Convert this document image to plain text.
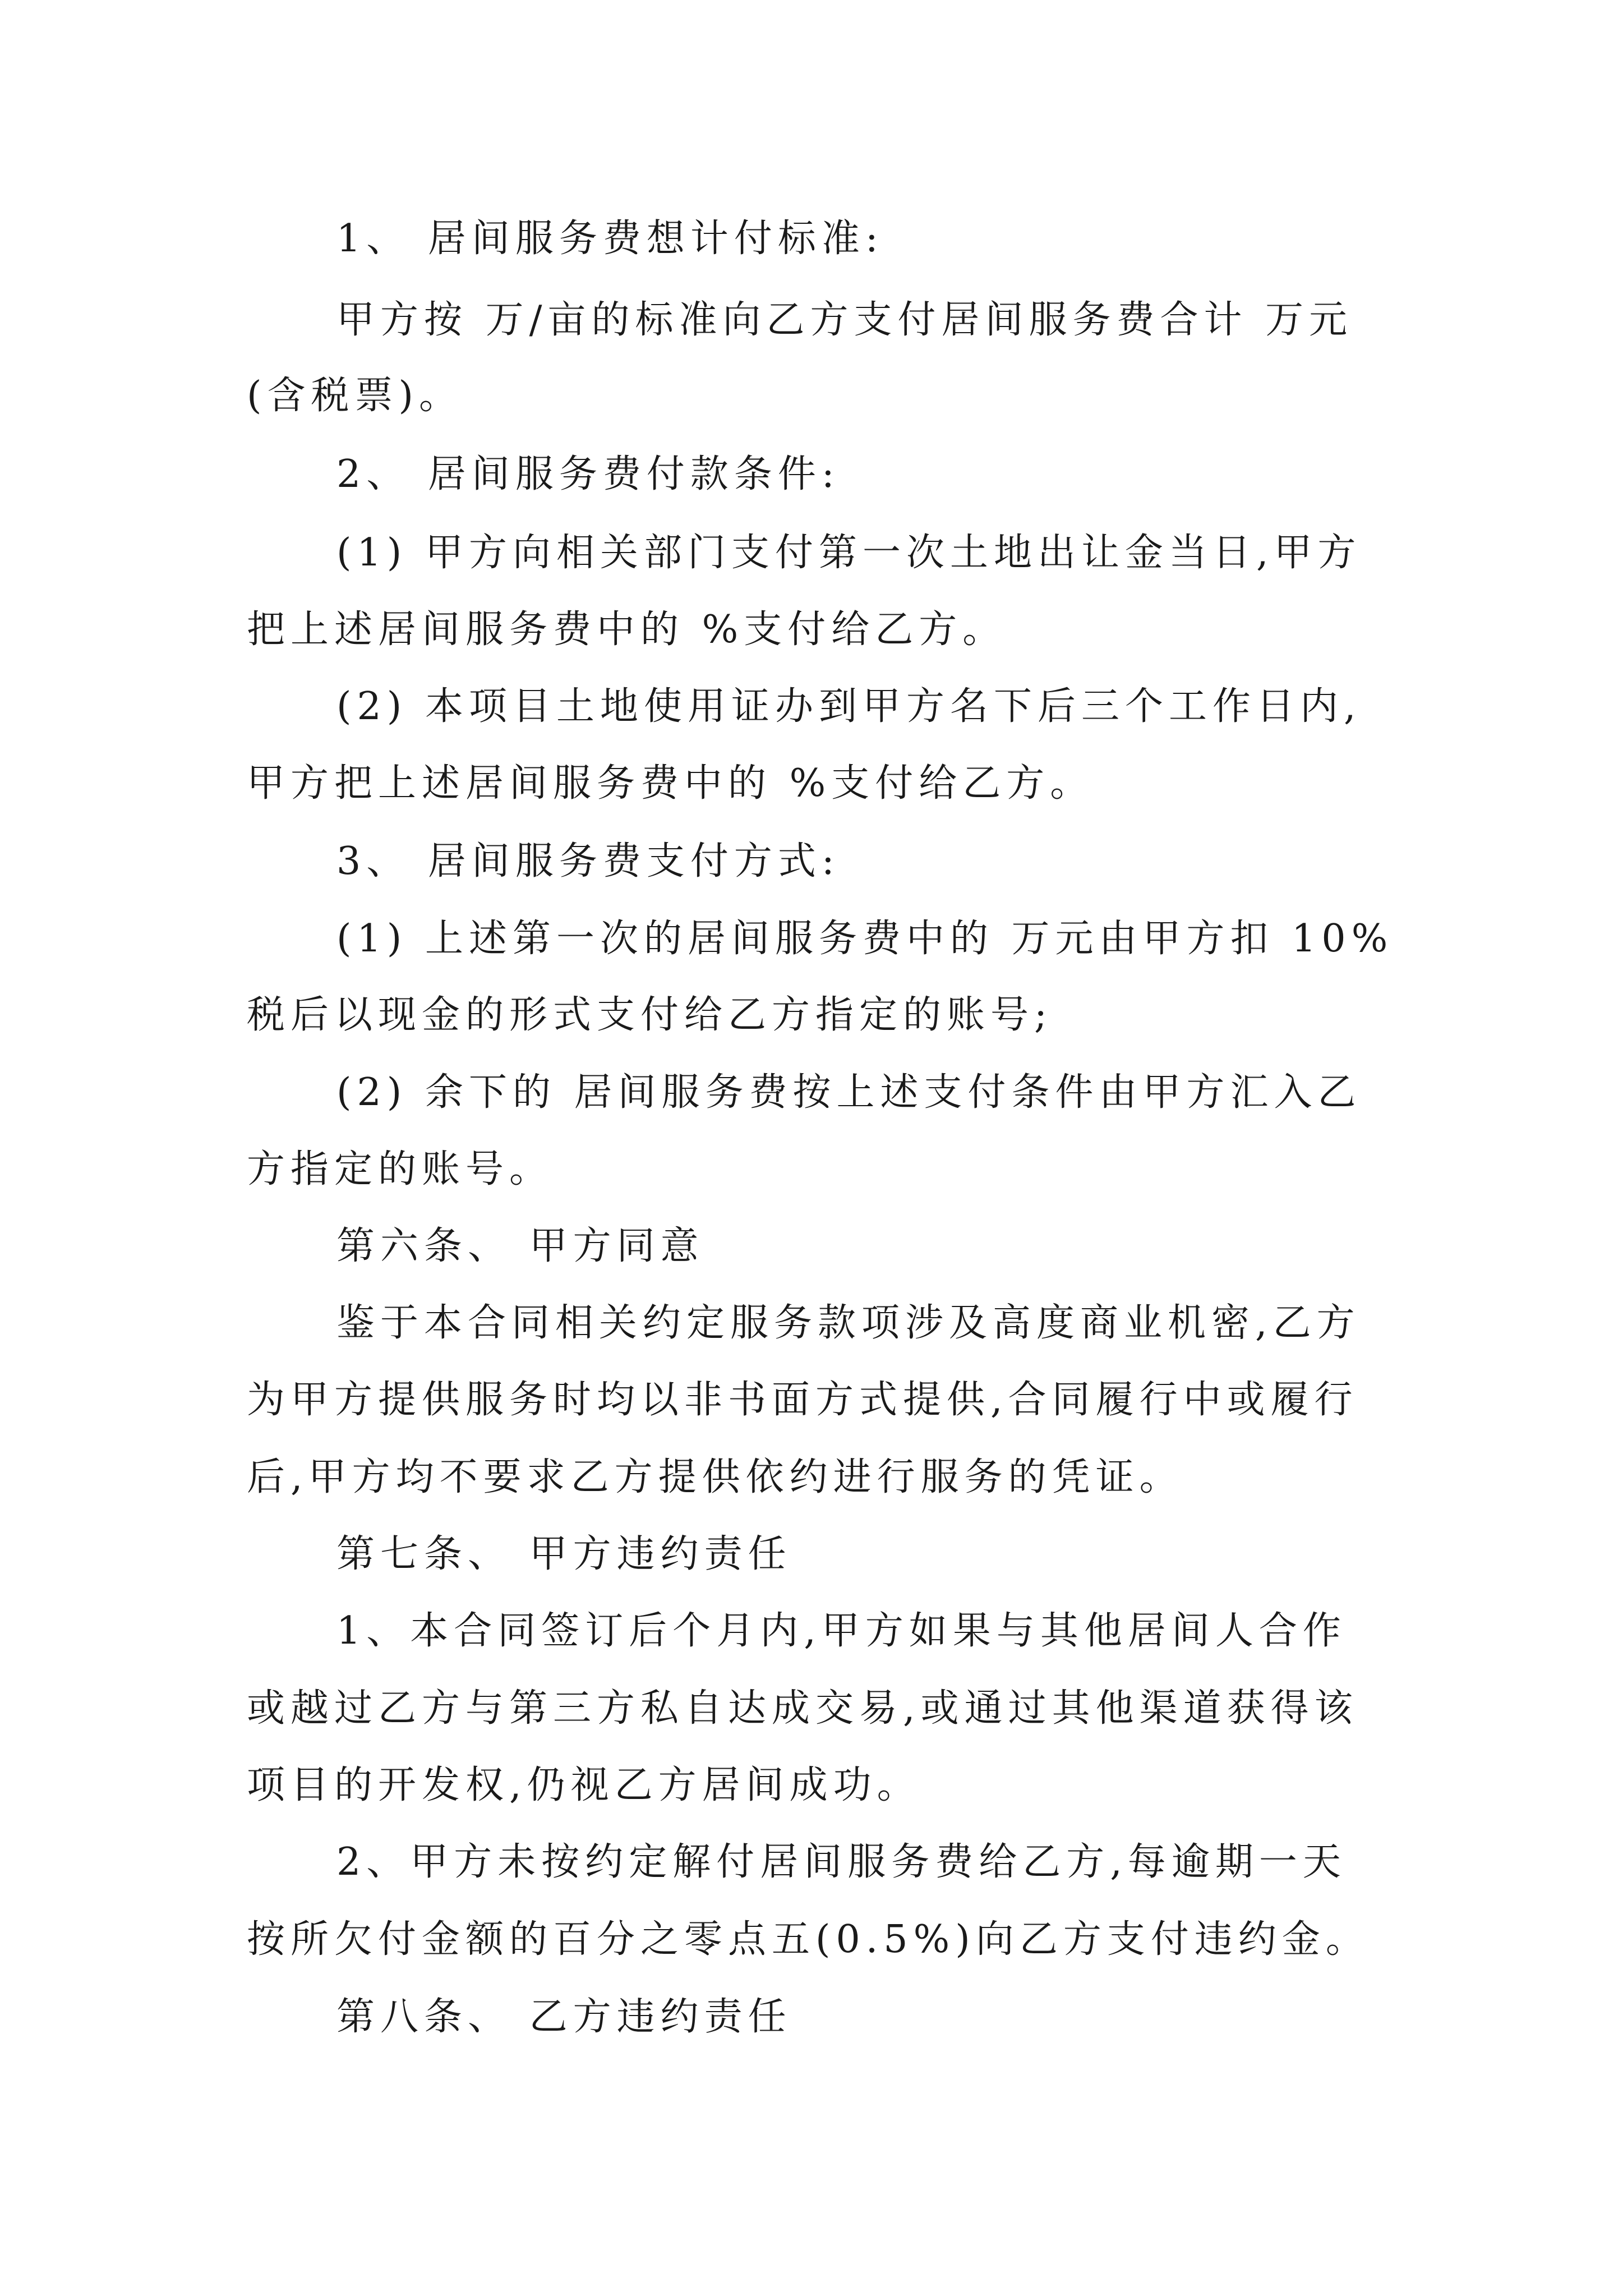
1、 居间服务费想计付标准:
甲方按 万/亩的标准向乙方支付居间服务费合计 万元
(含税票)。
2、 居间服务费付款条件:
(1) 甲方向相关部门支付第一次土地出让金当日,甲方
把上述居间服务费中的 %支付给乙方。
(2) 本项目土地使用证办到甲方名下后三个工作日内,
甲方把上述居间服务费中的 %支付给乙方。
3、 居间服务费支付方式:
(1) 上述第一次的居间服务费中的 万元由甲方扣 10%
税后以现金的形式支付给乙方指定的账号;
(2) 余下的 居间服务费按上述支付条件由甲方汇入乙
方指定的账号。
第六条、 甲方同意
鉴于本合同相关约定服务款项涉及高度商业机密,乙方
为甲方提供服务时均以非书面方式提供,合同履行中或履行
后,甲方均不要求乙方提供依约进行服务的凭证。
第七条、 甲方违约责任
1、本合同签订后个月内,甲方如果与其他居间人合作
或越过乙方与第三方私自达成交易,或通过其他渠道获得该
项目的开发权,仍视乙方居间成功。
2、甲方未按约定解付居间服务费给乙方,每逾期一天
按所欠付金额的百分之零点五(0.5%)向乙方支付违约金。
第八条、 乙方违约责任
